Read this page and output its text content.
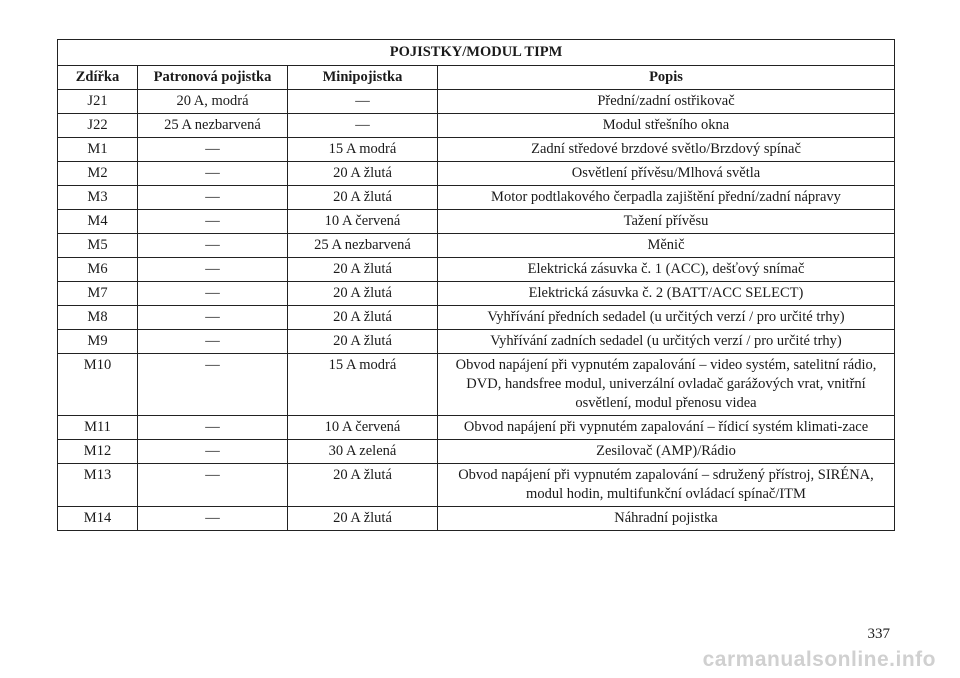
POJISTKY/MODUL TIPM			
Zdířka	Patronová pojistka	Minipojistka	Popis
J21	20 A, modrá	—	Přední/zadní ostřikovač
J22	25 A nezbarvená	—	Modul střešního okna
M1	—	15 A modrá	Zadní středové brzdové světlo/Brzdový spínač
M2	—	20 A žlutá	Osvětlení přívěsu/Mlhová světla
M3	—	20 A žlutá	Motor podtlakového čerpadla zajištění přední/zadní nápravy
M4	—	10 A červená	Tažení přívěsu
M5	—	25 A nezbarvená	Měnič
M6	—	20 A žlutá	Elektrická zásuvka č. 1 (ACC), dešťový snímač
M7	—	20 A žlutá	Elektrická zásuvka č. 2 (BATT/ACC SELECT)
M8	—	20 A žlutá	Vyhřívání předních sedadel (u určitých verzí / pro určité trhy)
M9	—	20 A žlutá	Vyhřívání zadních sedadel (u určitých verzí / pro určité trhy)
M10	—	15 A modrá	Obvod napájení při vypnutém zapalování – video systém, satelitní rádio, DVD, handsfree modul, univerzální ovladač garážových vrat, vnitřní osvětlení, modul přenosu videa
M11	—	10 A červená	Obvod napájení při vypnutém zapalování – řídicí systém klimati-zace
M12	—	30 A zelená	Zesilovač (AMP)/Rádio
M13	—	20 A žlutá	Obvod napájení při vypnutém zapalování – sdružený přístroj, SIRÉNA, modul hodin, multifunkční ovládací spínač/ITM
M14	—	20 A žlutá	Náhradní pojistka
337
carmanualsonline.info
